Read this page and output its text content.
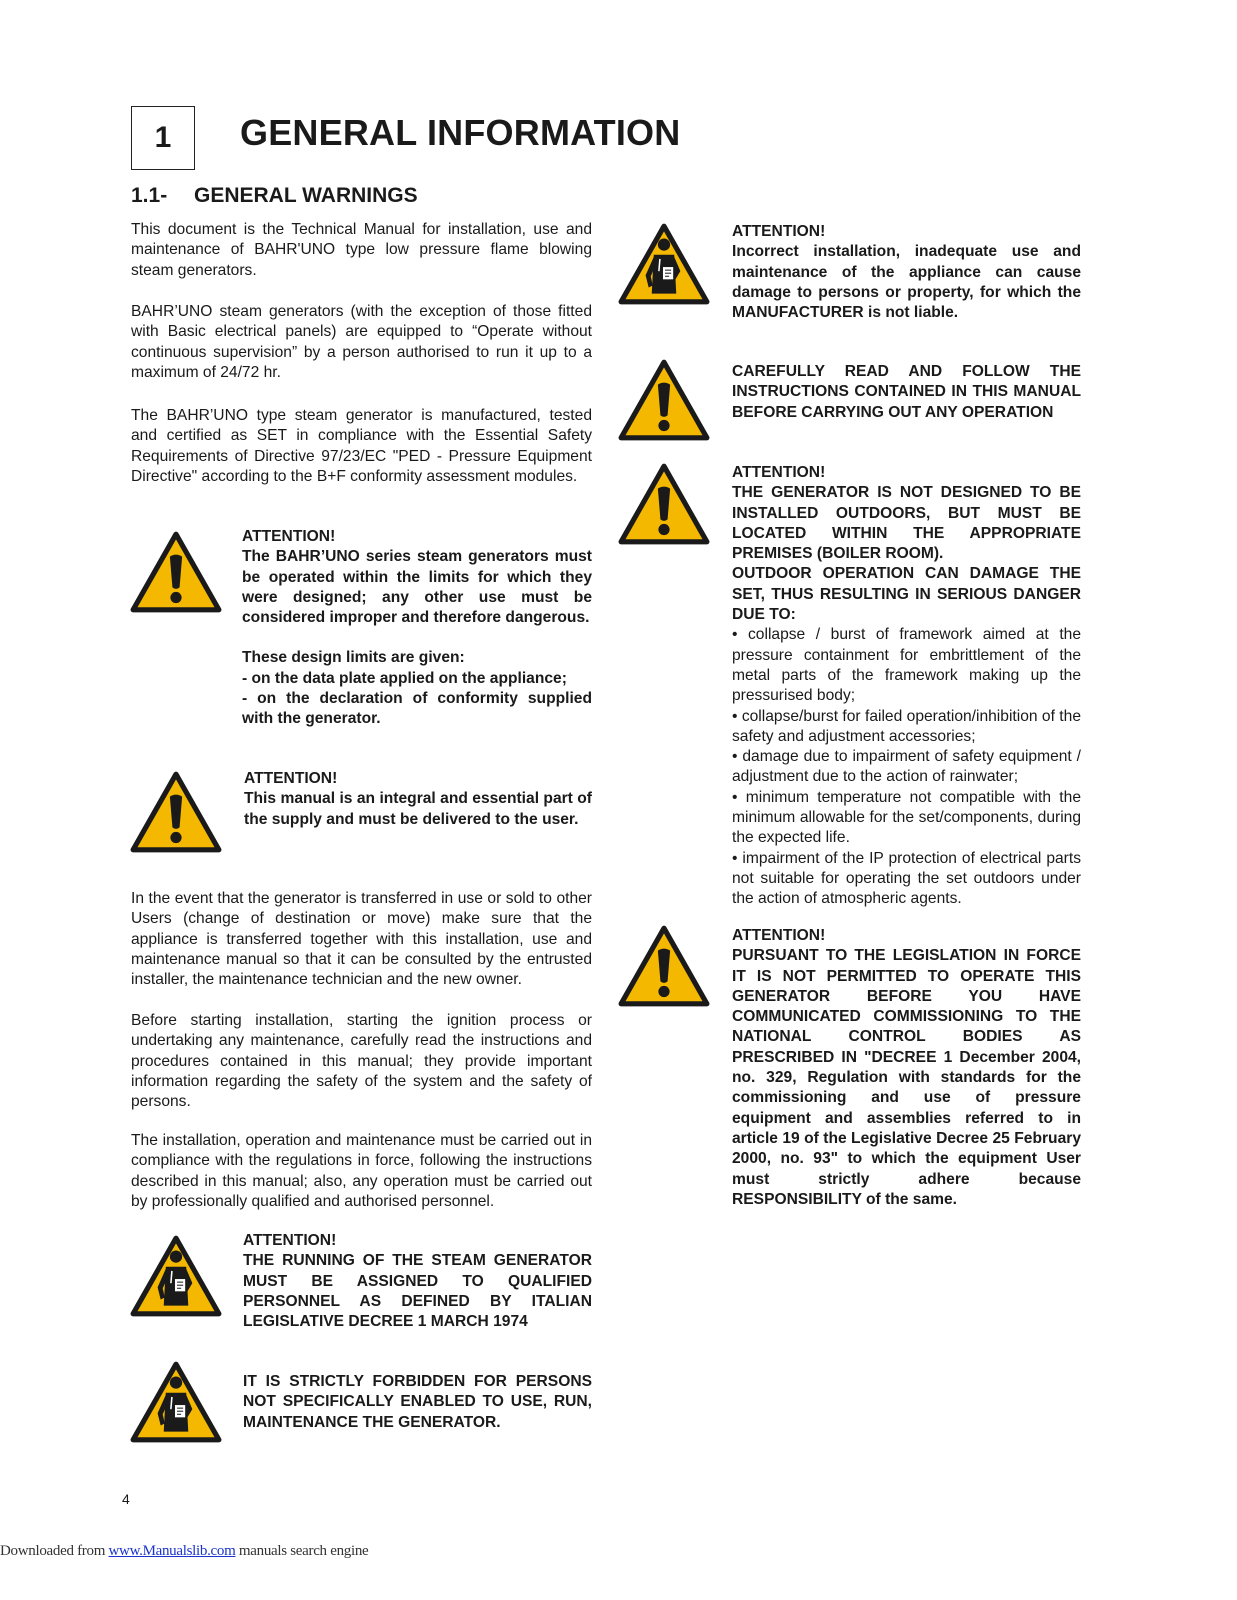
1 GENERAL INFORMATION
1.1- GENERAL WARNINGS
This document is the Technical Manual for installation, use and maintenance of BAHR'UNO type low pressure flame blowing steam generators.
BAHR’UNO steam generators (with the exception of those fitted with Basic electrical panels) are equipped to “Operate without continuous supervision” by a person authorised to run it up to a maximum of 24/72 hr.
The BAHR’UNO type steam generator is manufactured, tested and certified as SET in compliance with the Essential Safety Requirements of Directive 97/23/EC "PED - Pressure Equipment Directive" according to the B+F conformity assessment modules.
ATTENTION!
The BAHR’UNO series steam generators must be operated within the limits for which they were designed; any other use must be considered improper and therefore dangerous.
These design limits are given:
- on the data plate applied on the appliance;
- on the declaration of conformity supplied with the generator.
ATTENTION!
This manual is an integral and essential part of the supply and must be delivered to the user.
In the event that the generator is transferred in use or sold to other Users (change of destination or move) make sure that the appliance is transferred together with this installation, use and maintenance manual so that it can be consulted by the entrusted installer, the maintenance technician and the new owner.
Before starting installation, starting the ignition process or undertaking any maintenance, carefully read the instructions and procedures contained in this manual; they provide important information regarding the safety of the system and the safety of persons.
The installation, operation and maintenance must be carried out in compliance with the regulations in force, following the instructions described in this manual; also, any operation must be carried out by professionally qualified and authorised personnel.
ATTENTION!
THE RUNNING OF THE STEAM GENERATOR MUST BE ASSIGNED TO QUALIFIED PERSONNEL AS DEFINED BY ITALIAN LEGISLATIVE DECREE 1 MARCH 1974
IT IS STRICTLY FORBIDDEN FOR PERSONS NOT SPECIFICALLY ENABLED TO USE, RUN, MAINTENANCE THE GENERATOR.
ATTENTION!
Incorrect installation, inadequate use and maintenance of the appliance can cause damage to persons or property, for which the MANUFACTURER is not liable.
CAREFULLY READ AND FOLLOW THE INSTRUCTIONS CONTAINED IN THIS MANUAL BEFORE CARRYING OUT ANY OPERATION
ATTENTION!
THE GENERATOR IS NOT DESIGNED TO BE INSTALLED OUTDOORS, BUT MUST BE LOCATED WITHIN THE APPROPRIATE PREMISES (BOILER ROOM).
OUTDOOR OPERATION CAN DAMAGE THE SET, THUS RESULTING IN SERIOUS DANGER DUE TO:
• collapse / burst of framework aimed at the pressure containment for embrittlement of the metal parts of the framework making up the pressurised body;
• collapse/burst for failed operation/inhibition of the safety and adjustment accessories;
• damage due to impairment of safety equipment / adjustment due to the action of rainwater;
• minimum temperature not compatible with the minimum allowable for the set/components, during the expected life.
• impairment of the IP protection of electrical parts not suitable for operating the set outdoors under the action of atmospheric agents.
ATTENTION!
PURSUANT TO THE LEGISLATION IN FORCE IT IS NOT PERMITTED TO OPERATE THIS GENERATOR BEFORE YOU HAVE COMMUNICATED COMMISSIONING TO THE NATIONAL CONTROL BODIES AS PRESCRIBED IN "DECREE 1 December 2004, no. 329, Regulation with standards for the commissioning and use of pressure equipment and assemblies referred to in article 19 of the Legislative Decree 25 February 2000, no. 93" to which the equipment User must strictly adhere because RESPONSIBILITY of the same.
4
Downloaded from www.Manualslib.com manuals search engine
